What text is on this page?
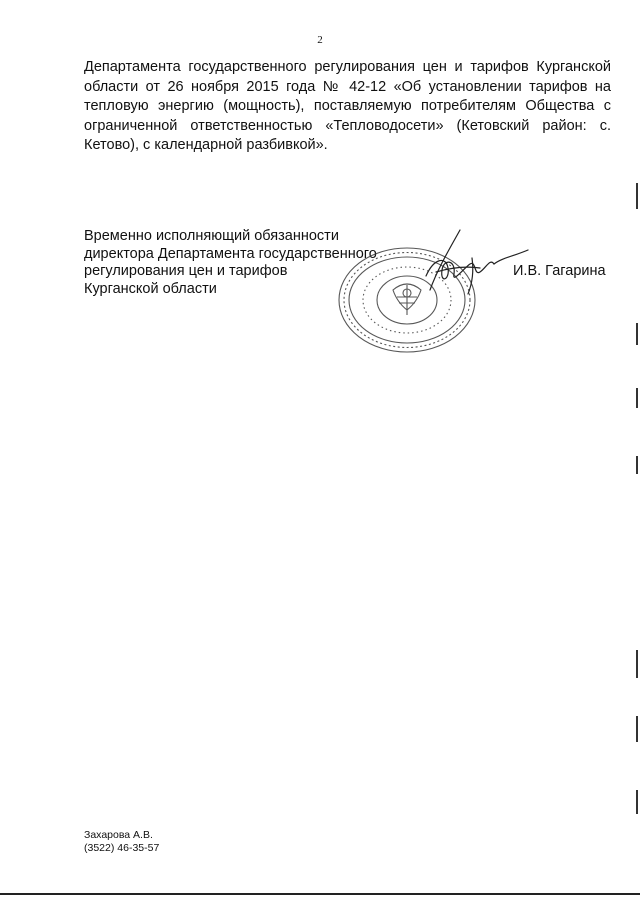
2

Департамента государственного регулирования цен и тарифов Курганской области от 26 ноября 2015 года № 42-12 «Об установлении тарифов на тепловую энергию (мощность), поставляемую потребителям Общества с ограниченной ответственностью «Тепловодосети» (Кетовский район: с. Кетово), с календарной разбивкой».

Временно исполняющий обязанности
директора Департамента государственного
регулирования цен и тарифов
Курганской области
И.В. Гагарина
Захарова А.В.
(3522) 46-35-57
